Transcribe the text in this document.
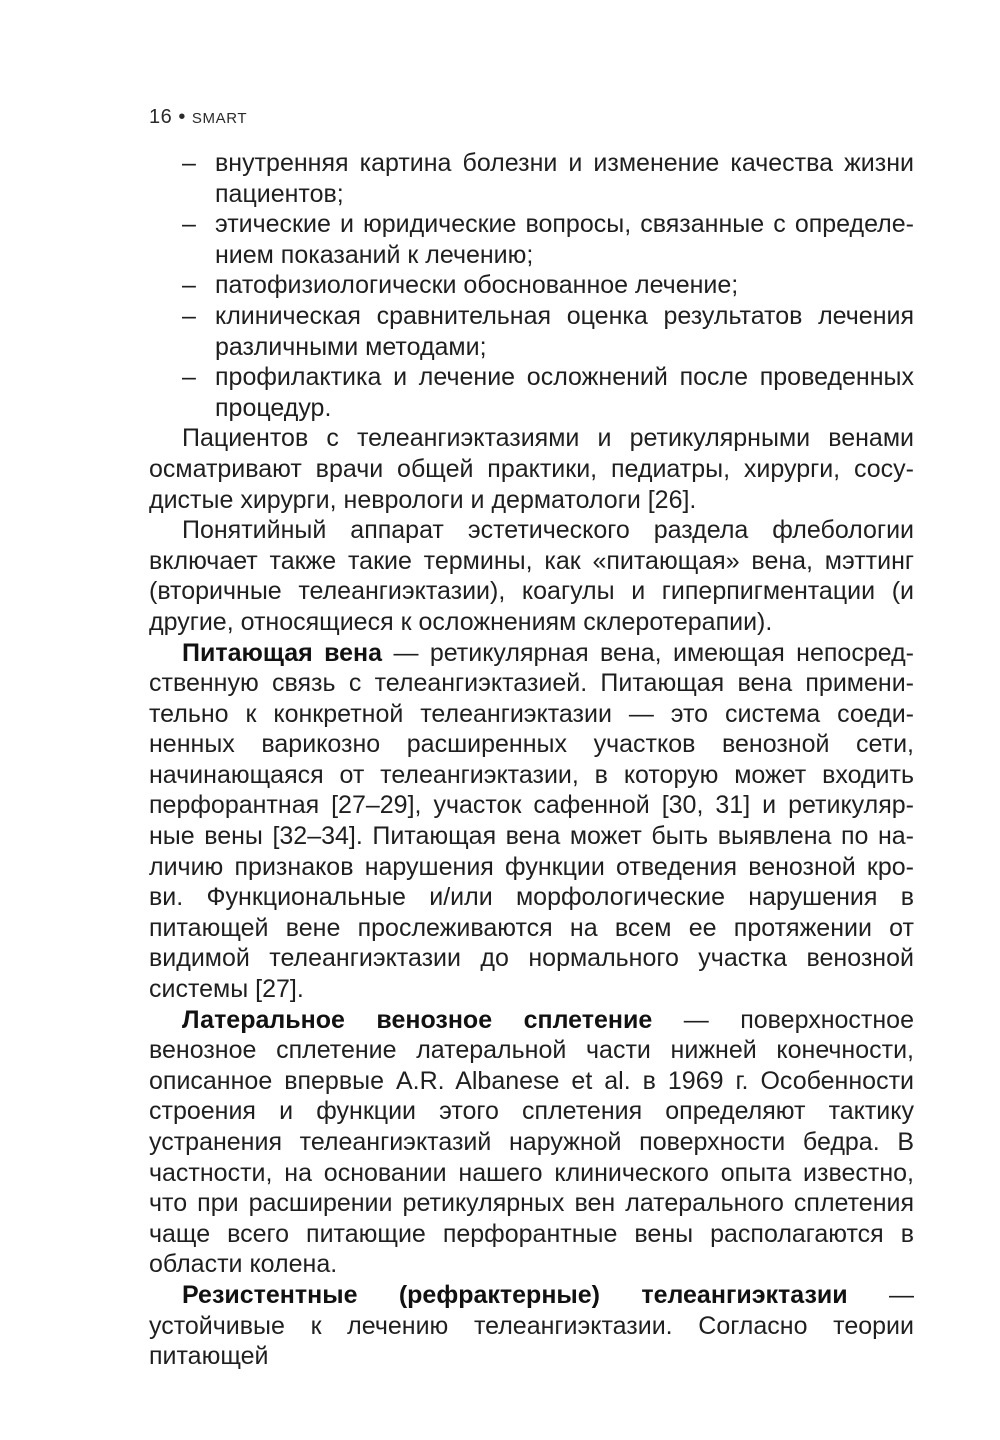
16 • SMART
– внутренняя картина болезни и изменение качества жизни пациентов;
– этические и юридические вопросы, связанные с определением показаний к лечению;
– патофизиологически обоснованное лечение;
– клиническая сравнительная оценка результатов лечения различными методами;
– профилактика и лечение осложнений после проведенных процедур.

Пациентов с телеангиэктазиями и ретикулярными венами осматривают врачи общей практики, педиатры, хирурги, сосудистые хирурги, неврологи и дерматологи [26].

Понятийный аппарат эстетического раздела флебологии включает также такие термины, как «питающая» вена, мэттинг (вторичные телеангиэктазии), коагулы и гиперпигментации (и другие, относящиеся к осложнениям склеротерапии).

Питающая вена — ретикулярная вена, имеющая непосредственную связь с телеангиэктазией. Питающая вена применительно к конкретной телеангиэктазии — это система соединенных варикозно расширенных участков венозной сети, начинающаяся от телеангиэктазии, в которую может входить перфорантная [27–29], участок сафенной [30, 31] и ретикулярные вены [32–34]. Питающая вена может быть выявлена по наличию признаков нарушения функции отведения венозной крови. Функциональные и/или морфологические нарушения в питающей вене прослеживаются на всем ее протяжении от видимой телеангиэктазии до нормального участка венозной системы [27].

Латеральное венозное сплетение — поверхностное венозное сплетение латеральной части нижней конечности, описанное впервые A.R. Albanese et al. в 1969 г. Особенности строения и функции этого сплетения определяют тактику устранения телеангиэктазий наружной поверхности бедра. В частности, на основании нашего клинического опыта известно, что при расширении ретикулярных вен латерального сплетения чаще всего питающие перфорантные вены располагаются в области колена.

Резистентные (рефрактерные) телеангиэктазии — устойчивые к лечению телеангиэктазии. Согласно теории питающей
